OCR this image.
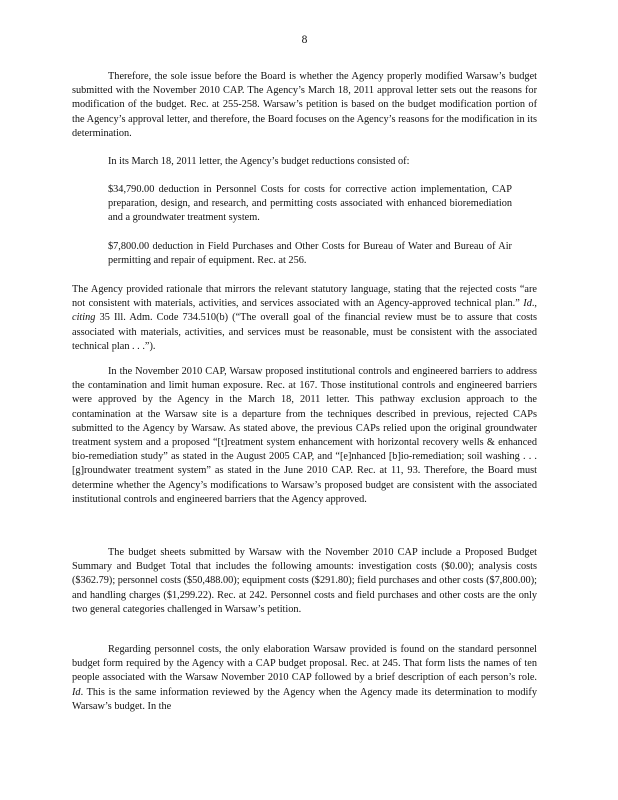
8

Therefore, the sole issue before the Board is whether the Agency properly modified Warsaw’s budget submitted with the November 2010 CAP. The Agency’s March 18, 2011 approval letter sets out the reasons for modification of the budget. Rec. at 255-258. Warsaw’s petition is based on the budget modification portion of the Agency’s approval letter, and therefore, the Board focuses on the Agency’s reasons for the modification in its determination.

In its March 18, 2011 letter, the Agency’s budget reductions consisted of:

$34,790.00 deduction in Personnel Costs for costs for corrective action implementation, CAP preparation, design, and research, and permitting costs associated with enhanced bioremediation and a groundwater treatment system.

$7,800.00 deduction in Field Purchases and Other Costs for Bureau of Water and Bureau of Air permitting and repair of equipment. Rec. at 256.

The Agency provided rationale that mirrors the relevant statutory language, stating that the rejected costs “are not consistent with materials, activities, and services associated with an Agency-approved technical plan.” Id., citing 35 Ill. Adm. Code 734.510(b) (“The overall goal of the financial review must be to assure that costs associated with materials, activities, and services must be reasonable, must be consistent with the associated technical plan . . .”).

In the November 2010 CAP, Warsaw proposed institutional controls and engineered barriers to address the contamination and limit human exposure. Rec. at 167. Those institutional controls and engineered barriers were approved by the Agency in the March 18, 2011 letter. This pathway exclusion approach to the contamination at the Warsaw site is a departure from the techniques described in previous, rejected CAPs submitted to the Agency by Warsaw. As stated above, the previous CAPs relied upon the original groundwater treatment system and a proposed “[t]reatment system enhancement with horizontal recovery wells & enhanced bio-remediation study” as stated in the August 2005 CAP, and “[e]nhanced [b]io-remediation; soil washing . . . [g]roundwater treatment system” as stated in the June 2010 CAP. Rec. at 11, 93. Therefore, the Board must determine whether the Agency’s modifications to Warsaw’s proposed budget are consistent with the associated institutional controls and engineered barriers that the Agency approved.

The budget sheets submitted by Warsaw with the November 2010 CAP include a Proposed Budget Summary and Budget Total that includes the following amounts: investigation costs ($0.00); analysis costs ($362.79); personnel costs ($50,488.00); equipment costs ($291.80); field purchases and other costs ($7,800.00); and handling charges ($1,299.22). Rec. at 242. Personnel costs and field purchases and other costs are the only two general categories challenged in Warsaw’s petition.

Regarding personnel costs, the only elaboration Warsaw provided is found on the standard personnel budget form required by the Agency with a CAP budget proposal. Rec. at 245. That form lists the names of ten people associated with the Warsaw November 2010 CAP followed by a brief description of each person’s role. Id. This is the same information reviewed by the Agency when the Agency made its determination to modify Warsaw’s budget. In the
